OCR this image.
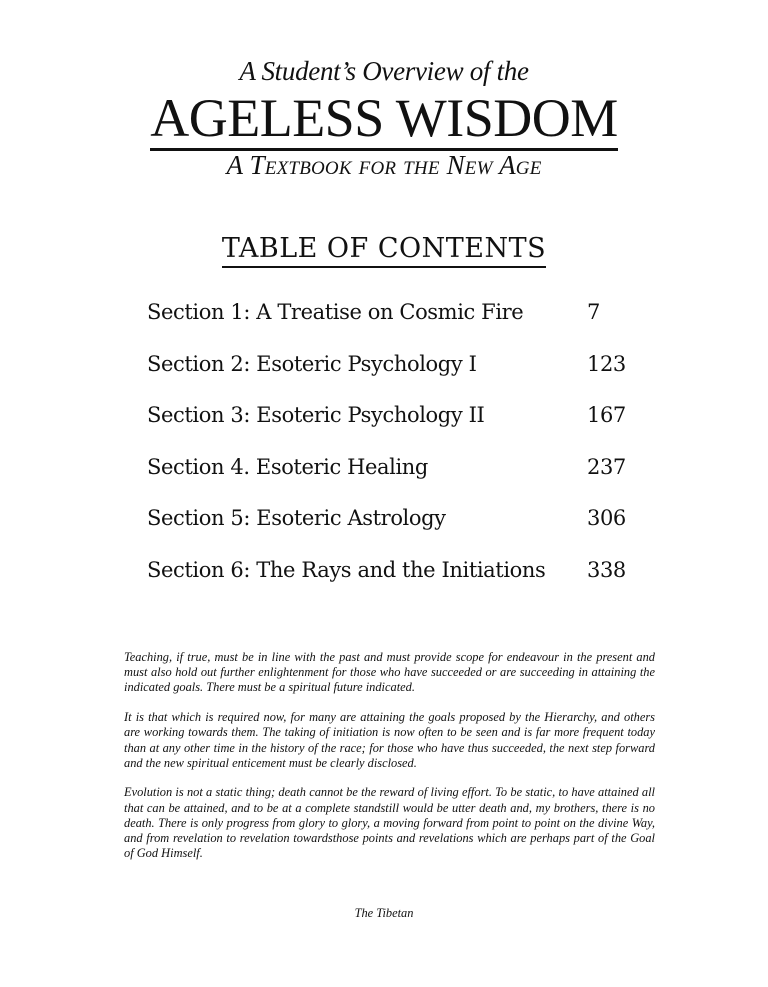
A Student’s Overview of the
AGELESS WISDOM
A Textbook for the New Age
TABLE OF CONTENTS
Section 1: A Treatise on Cosmic Fire	7
Section 2: Esoteric Psychology I	123
Section 3: Esoteric Psychology II	167
Section 4. Esoteric Healing	237
Section 5: Esoteric Astrology	306
Section 6: The Rays and the Initiations 338

Teaching, if true, must be in line with the past and must provide scope for endeavour in the present and must also hold out further enlightenment for those who have succeeded or are succeeding in attaining the indicated goals. There must be a spiritual future indicated.

It is that which is required now, for many are attaining the goals proposed by the Hierarchy, and others are working towards them. The taking of initiation is now often to be seen and is far more frequent today than at any other time in the history of the race; for those who have thus succeeded, the next step forward and the new spiritual enticement must be clearly disclosed.

Evolution is not a static thing; death cannot be the reward of living effort. To be static, to have attained all that can be attained, and to be at a complete standstill would be utter death and, my brothers, there is no death. There is only progress from glory to glory, a moving forward from point to point on the divine Way, and from revelation to revelation towardsthose points and revelations which are perhaps part of the Goal of God Himself.

The Tibetan
